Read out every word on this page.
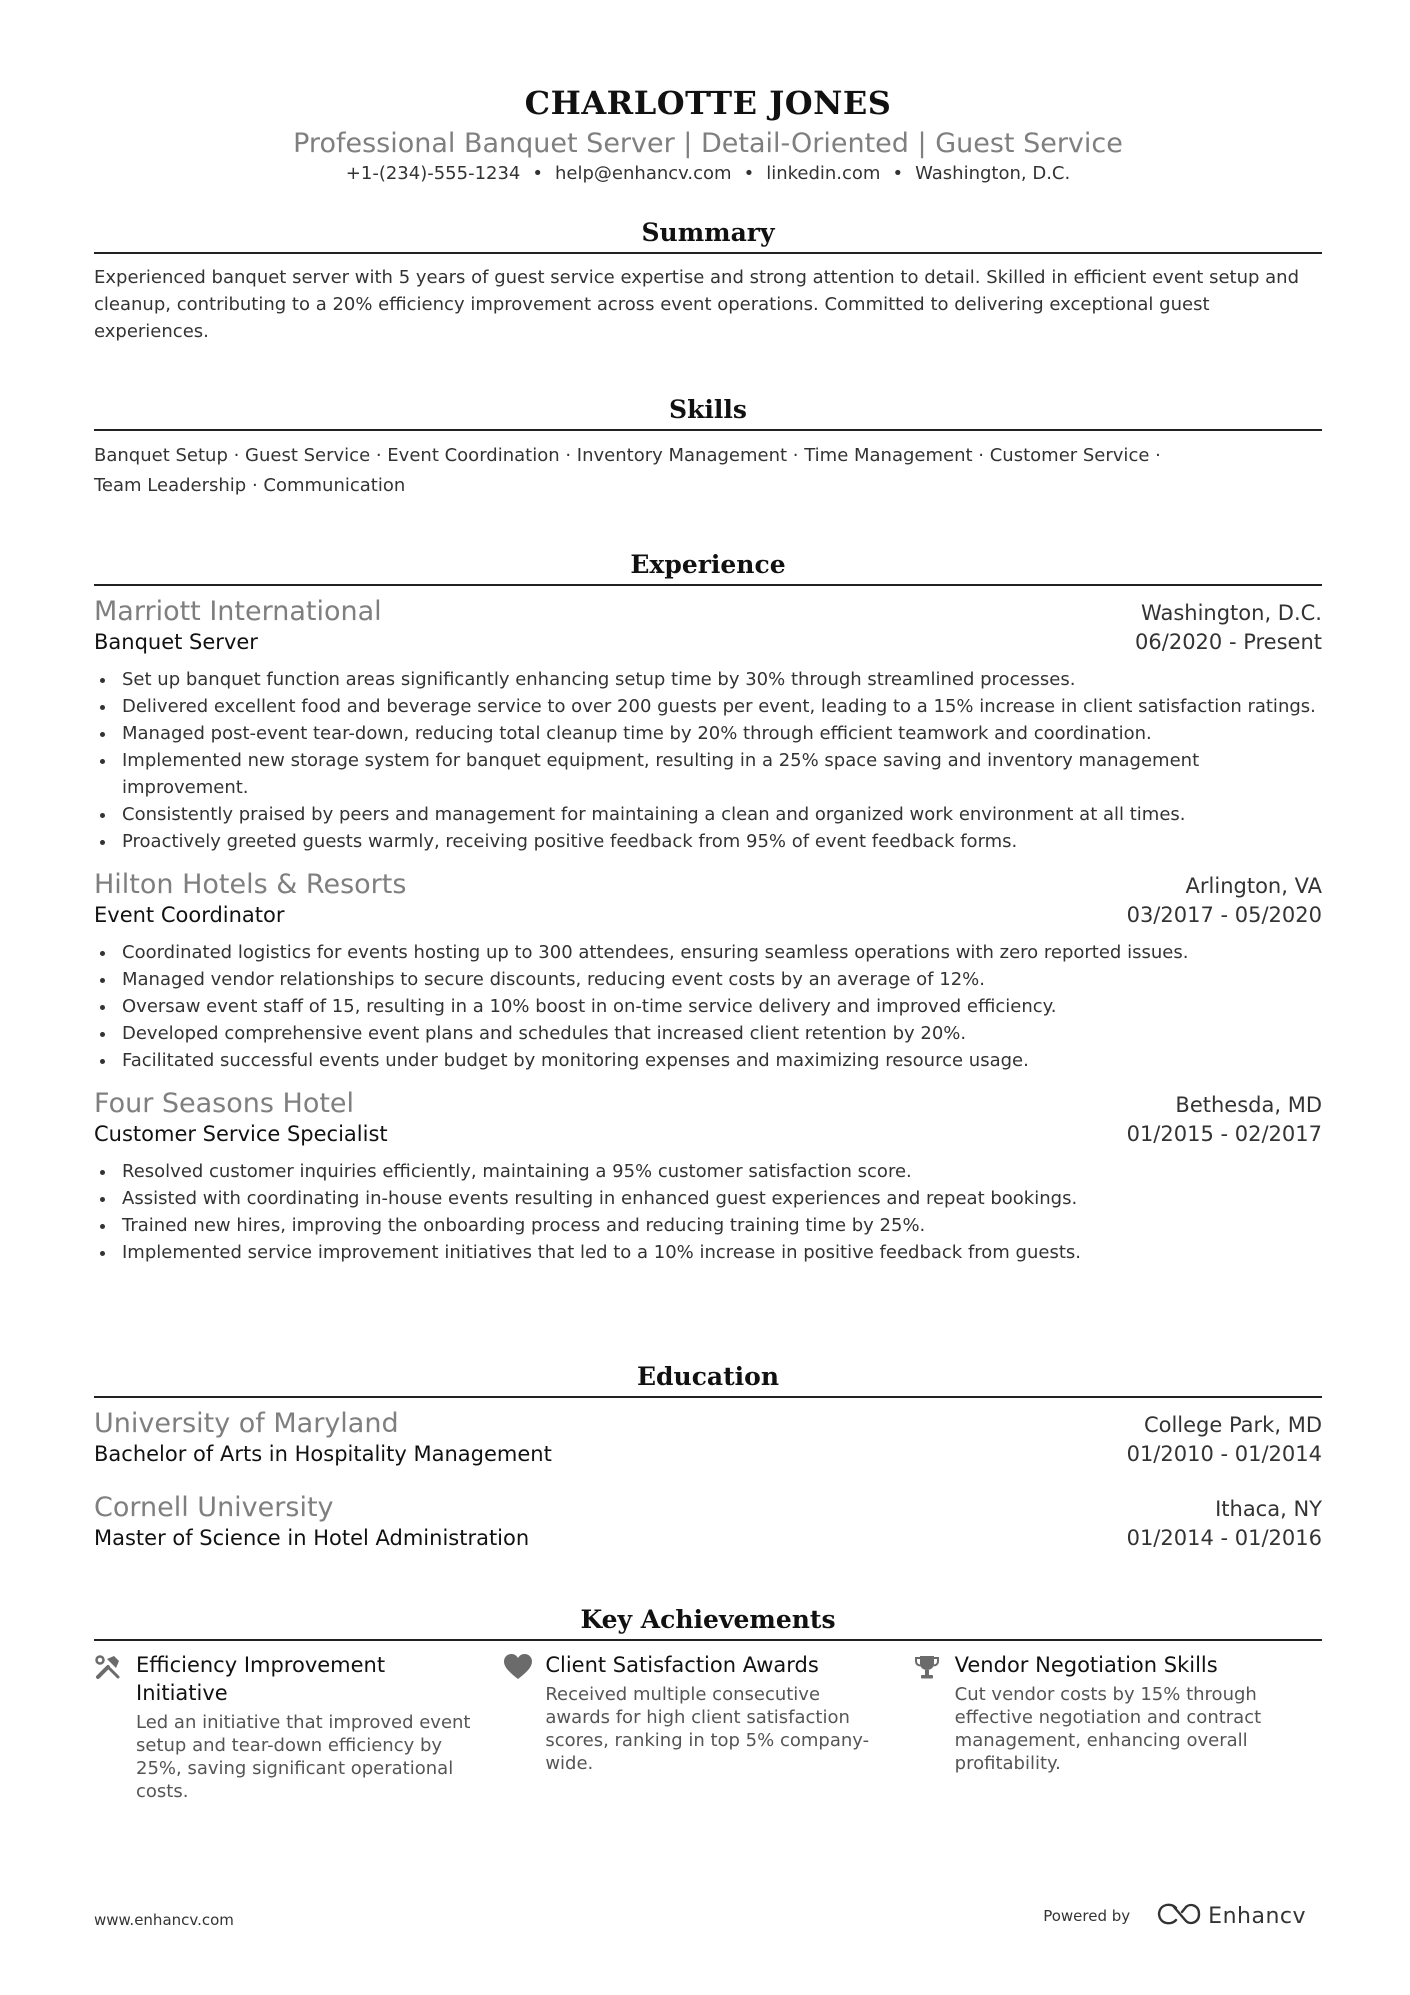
CHARLOTTE JONES
Professional Banquet Server | Detail-Oriented | Guest Service
+1-(234)-555-1234 • help@enhancv.com • linkedin.com • Washington, D.C.
Summary
Experienced banquet server with 5 years of guest service expertise and strong attention to detail. Skilled in efficient event setup and cleanup, contributing to a 20% efficiency improvement across event operations. Committed to delivering exceptional guest experiences.
Skills
Banquet Setup · Guest Service · Event Coordination · Inventory Management · Time Management · Customer Service ·
Team Leadership · Communication
Experience
Marriott International	Washington, D.C.
Banquet Server	06/2020 - Present
Set up banquet function areas significantly enhancing setup time by 30% through streamlined processes.
Delivered excellent food and beverage service to over 200 guests per event, leading to a 15% increase in client satisfaction ratings.
Managed post-event tear-down, reducing total cleanup time by 20% through efficient teamwork and coordination.
Implemented new storage system for banquet equipment, resulting in a 25% space saving and inventory management improvement.
Consistently praised by peers and management for maintaining a clean and organized work environment at all times.
Proactively greeted guests warmly, receiving positive feedback from 95% of event feedback forms.
Hilton Hotels & Resorts	Arlington, VA
Event Coordinator	03/2017 - 05/2020
Coordinated logistics for events hosting up to 300 attendees, ensuring seamless operations with zero reported issues.
Managed vendor relationships to secure discounts, reducing event costs by an average of 12%.
Oversaw event staff of 15, resulting in a 10% boost in on-time service delivery and improved efficiency.
Developed comprehensive event plans and schedules that increased client retention by 20%.
Facilitated successful events under budget by monitoring expenses and maximizing resource usage.
Four Seasons Hotel	Bethesda, MD
Customer Service Specialist	01/2015 - 02/2017
Resolved customer inquiries efficiently, maintaining a 95% customer satisfaction score.
Assisted with coordinating in-house events resulting in enhanced guest experiences and repeat bookings.
Trained new hires, improving the onboarding process and reducing training time by 25%.
Implemented service improvement initiatives that led to a 10% increase in positive feedback from guests.
Education
University of Maryland	College Park, MD
Bachelor of Arts in Hospitality Management	01/2010 - 01/2014
Cornell University	Ithaca, NY
Master of Science in Hotel Administration	01/2014 - 01/2016
Key Achievements
Efficiency Improvement Initiative
Led an initiative that improved event setup and tear-down efficiency by 25%, saving significant operational costs.
Client Satisfaction Awards
Received multiple consecutive awards for high client satisfaction scores, ranking in top 5% company-wide.
Vendor Negotiation Skills
Cut vendor costs by 15% through effective negotiation and contract management, enhancing overall profitability.
www.enhancv.com	Powered by	Enhancv
